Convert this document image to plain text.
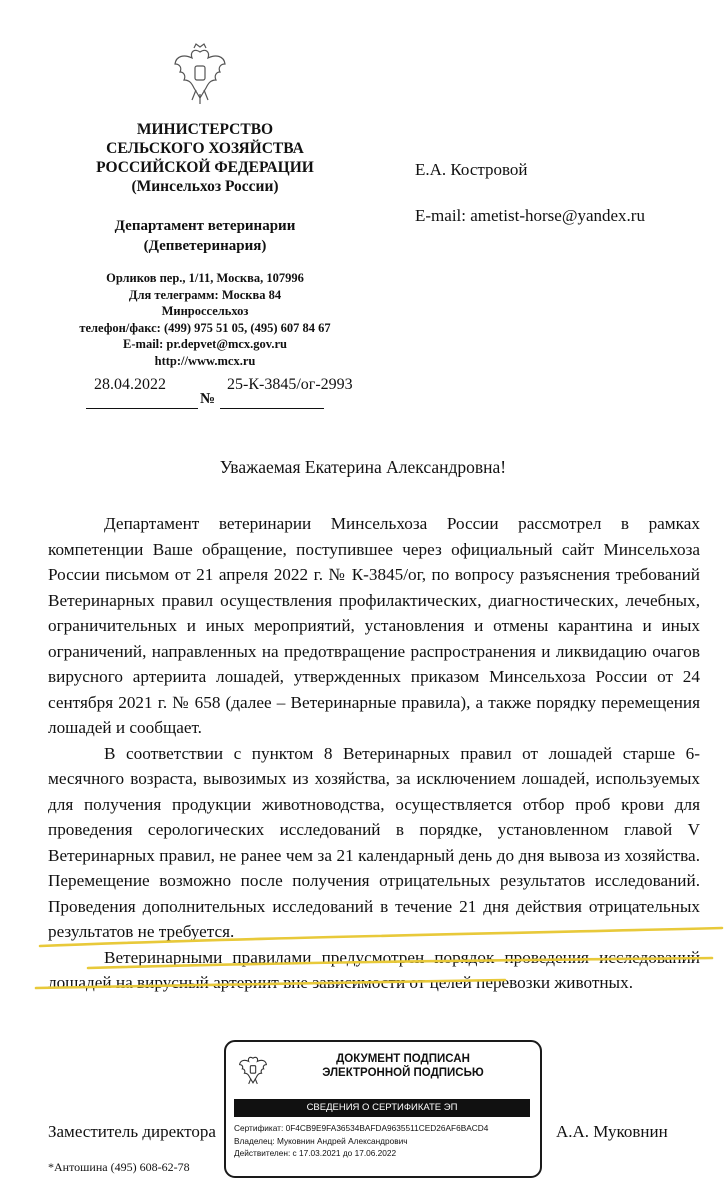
МИНИСТЕРСТВО
СЕЛЬСКОГО ХОЗЯЙСТВА
РОССИЙСКОЙ ФЕДЕРАЦИИ
(Минсельхоз России)
Департамент ветеринарии
(Депветеринария)
Орликов пер., 1/11, Москва, 107996
Для телеграмм: Москва 84
Минроссельхоз
телефон/факс: (499) 975 51 05, (495) 607 84 67
E-mail: pr.depvet@mcx.gov.ru
http://www.mcx.ru
28.04.2022	25-К-3845/ог-2993
№
Е.А. Костровой
E-mail: ametist-horse@yandex.ru
Уважаемая Екатерина Александровна!

Департамент ветеринарии Минсельхоза России рассмотрел в рамках компетенции Ваше обращение, поступившее через официальный сайт Минсельхоза России письмом от 21 апреля 2022 г. № К-3845/ог, по вопросу разъяснения требований Ветеринарных правил осуществления профилактических, диагностических, лечебных, ограничительных и иных мероприятий, установления и отмены карантина и иных ограничений, направленных на предотвращение распространения и ликвидацию очагов вирусного артериита лошадей, утвержденных приказом Минсельхоза России от 24 сентября 2021 г. № 658 (далее – Ветеринарные правила), а также порядку перемещения лошадей и сообщает.

В соответствии с пунктом 8 Ветеринарных правил от лошадей старше 6-месячного возраста, вывозимых из хозяйства, за исключением лошадей, используемых для получения продукции животноводства, осуществляется отбор проб крови для проведения серологических исследований в порядке, установленном главой V Ветеринарных правил, не ранее чем за 21 календарный день до дня вывоза из хозяйства. Перемещение возможно после получения отрицательных результатов исследований. Проведения дополнительных исследований в течение 21 дня действия отрицательных результатов не требуется.

Ветеринарными правилами предусмотрен порядок проведения исследований лошадей на вирусный артериит вне зависимости от целей перевозки животных.

Заместитель директора	А.А. Муковнин
*Антошина (495) 608-62-78
ДОКУМЕНТ ПОДПИСАН
ЭЛЕКТРОННОЙ ПОДПИСЬЮ
СВЕДЕНИЯ О СЕРТИФИКАТЕ ЭП
Сертификат: 0F4CB9E9FA36534BAFDA9635511CED26AF6BACD4
Владелец: Муковнин Андрей Александрович
Действителен: с 17.03.2021 до 17.06.2022
